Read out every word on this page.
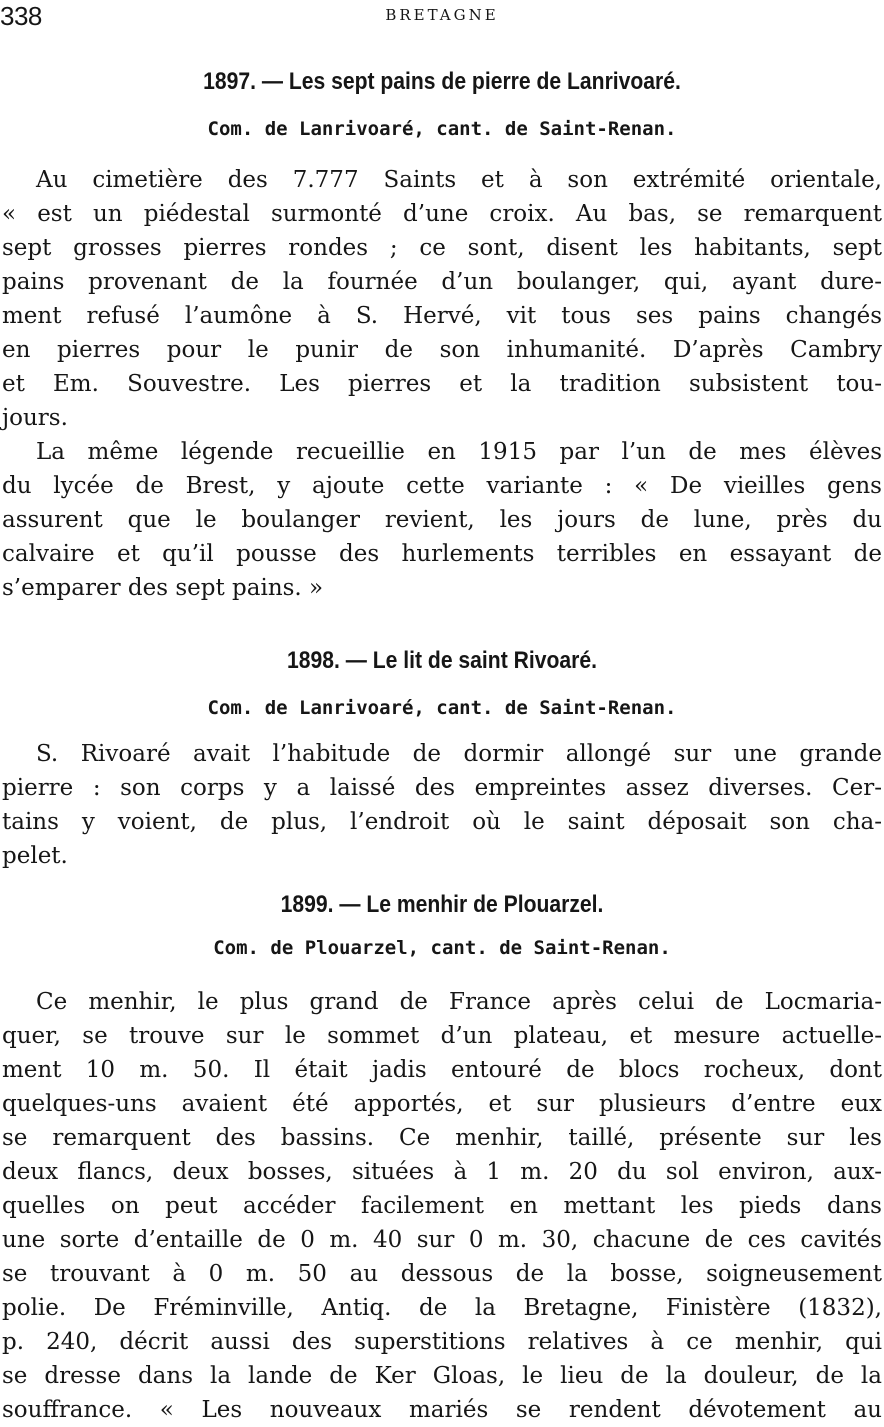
338	BRETAGNE
1897. — Les sept pains de pierre de Lanrivoaré.
Com. de Lanrivoaré, cant. de Saint-Renan.
Au cimetière des 7.777 Saints et à son extrémité orientale,
« est un piédestal surmonté d’une croix. Au bas, se remarquent
sept grosses pierres rondes ; ce sont, disent les habitants, sept
pains provenant de la fournée d’un boulanger, qui, ayant dure-
ment refusé l’aumône à S. Hervé, vit tous ses pains changés
en pierres pour le punir de son inhumanité. D’après Cambry
et Em. Souvestre. Les pierres et la tradition subsistent tou-
jours.
La même légende recueillie en 1915 par l’un de mes élèves
du lycée de Brest, y ajoute cette variante : « De vieilles gens
assurent que le boulanger revient, les jours de lune, près du
calvaire et qu’il pousse des hurlements terribles en essayant de
s’emparer des sept pains. »
1898. — Le lit de saint Rivoaré.
Com. de Lanrivoaré, cant. de Saint-Renan.
S. Rivoaré avait l’habitude de dormir allongé sur une grande
pierre : son corps y a laissé des empreintes assez diverses. Cer-
tains y voient, de plus, l’endroit où le saint déposait son cha-
pelet.
1899. — Le menhir de Plouarzel.
Com. de Plouarzel, cant. de Saint-Renan.
Ce menhir, le plus grand de France après celui de Locmaria-
quer, se trouve sur le sommet d’un plateau, et mesure actuelle-
ment 10 m. 50. Il était jadis entouré de blocs rocheux, dont
quelques-uns avaient été apportés, et sur plusieurs d’entre eux
se remarquent des bassins. Ce menhir, taillé, présente sur les
deux flancs, deux bosses, situées à 1 m. 20 du sol environ, aux-
quelles on peut accéder facilement en mettant les pieds dans
une sorte d’entaille de 0 m. 40 sur 0 m. 30, chacune de ces cavités
se trouvant à 0 m. 50 au dessous de la bosse, soigneusement
polie. De Fréminville, Antiq. de la Bretagne, Finistère (1832),
p. 240, décrit aussi des superstitions relatives à ce menhir, qui
se dresse dans la lande de Ker Gloas, le lieu de la douleur, de la
souffrance. « Les nouveaux mariés se rendent dévotement au
